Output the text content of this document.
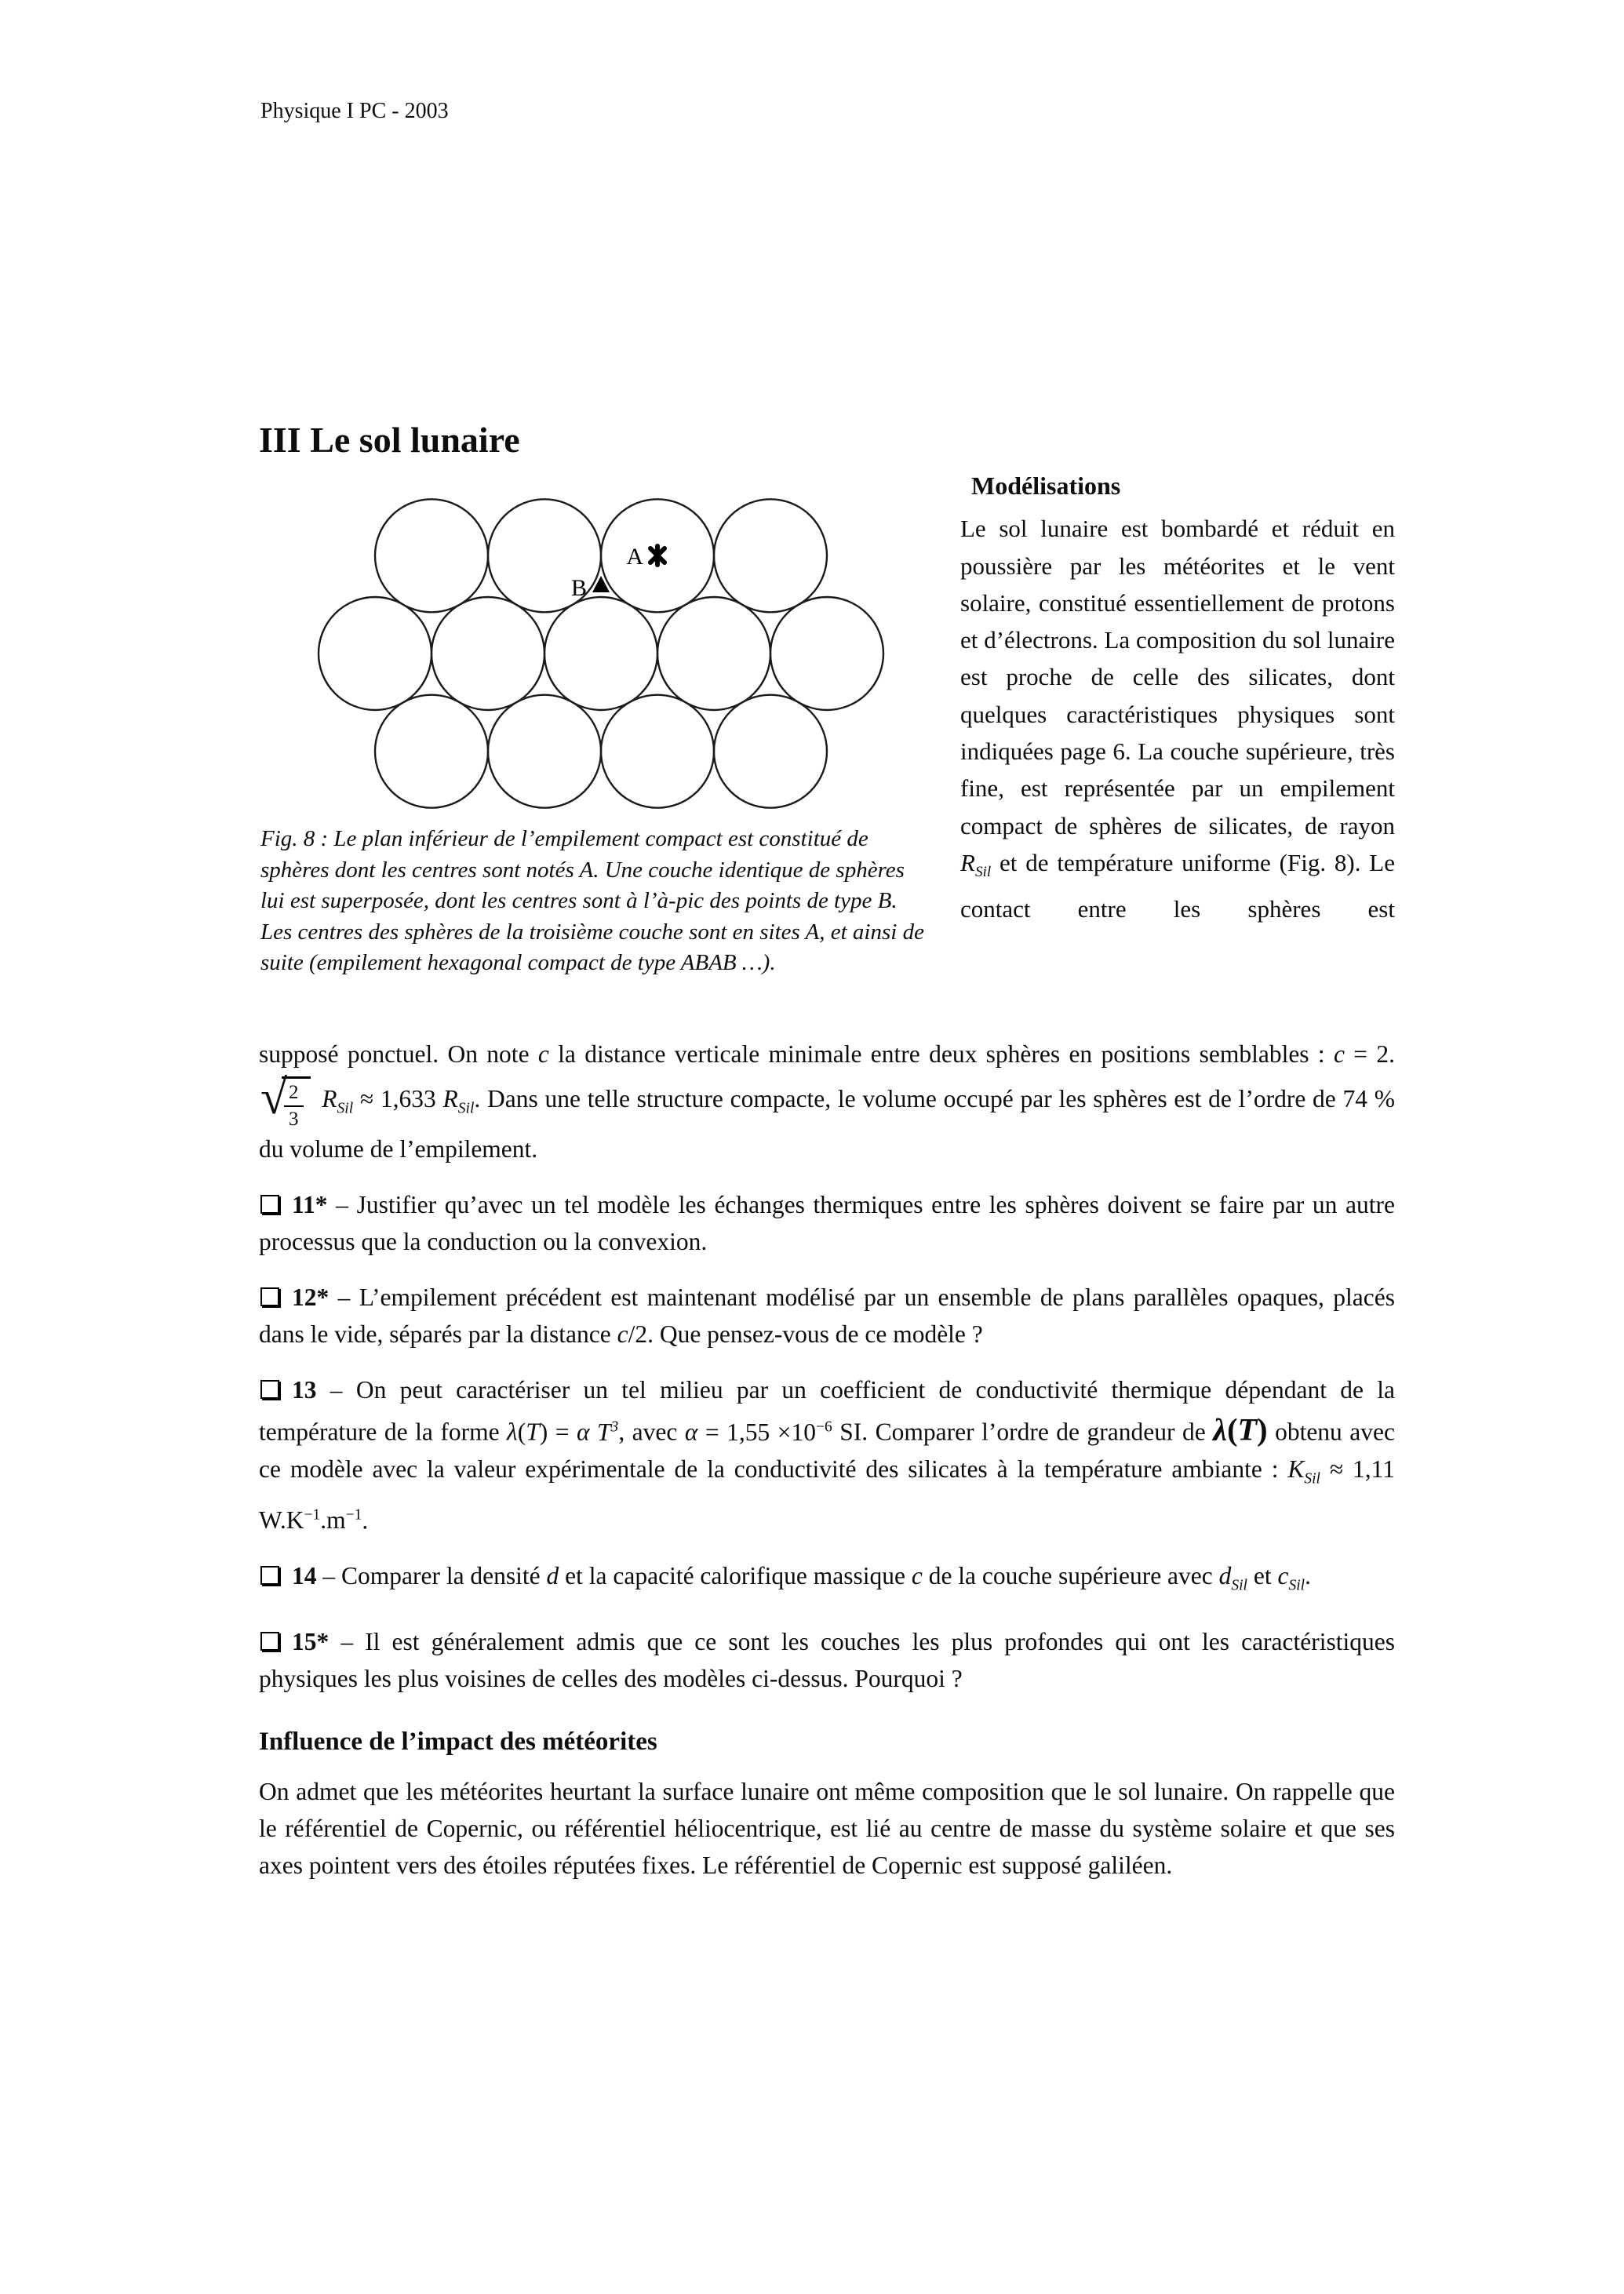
Physique I PC - 2003
III Le sol lunaire
A
B
Fig. 8 : Le plan inférieur de l’empilement compact est constitué de sphères dont les centres sont notés A. Une couche identique de sphères lui est superposée, dont les centres sont à l’à-pic des points de type B. Les centres des sphères de la troisième couche sont en sites A, et ainsi de suite (empilement hexagonal compact de type ABAB …).
Modélisations

Le sol lunaire est bombardé et réduit en poussière par les météorites et le vent solaire, constitué essentiellement de protons et d’électrons. La composition du sol lunaire est proche de celle des silicates, dont quelques caractéristiques physiques sont indiquées page 6. La couche supérieure, très fine, est représentée par un empilement compact de sphères de silicates, de rayon $R_{Sil}$ et de température uniforme (Fig. 8). Le contact entre les sphères est

supposé ponctuel. On note c la distance verticale minimale entre deux sphères en positions semblables : c = 2.
√ 2
3
$R_{Sil} \approx 1,633$ $R_{Sil}$. Dans une telle structure compacte, le volume occupé par les sphères est de l’ordre de 74 % du volume de l’empilement.

11* – Justifier qu’avec un tel modèle les échanges thermiques entre les sphères doivent se faire par un autre processus que la conduction ou la convexion.

12* – L’empilement précédent est maintenant modélisé par un ensemble de plans parallèles opaques, placés dans le vide, séparés par la distance c/2. Que pensez-vous de ce modèle ?

13 – On peut caractériser un tel milieu par un coefficient de conductivité thermique dépendant de la température de la forme λ(T) = α $T^3$, avec $\alpha = 1,55 \times 10^{-6}$ SI. Comparer l’ordre de grandeur de λ(T) obtenu avec ce modèle avec la valeur expérimentale de la conductivité des silicates à la température ambiante : $K_{Sil} \approx 1,11$ $W.K^{-1}.m^{-1}$.

14 – Comparer la densité d et la capacité calorifique massique c de la couche supérieure avec $d_{Sil}$ et $c_{Sil}$.

15* – Il est généralement admis que ce sont les couches les plus profondes qui ont les caractéristiques physiques les plus voisines de celles des modèles ci-dessus. Pourquoi ?

Influence de l’impact des météorites

On admet que les météorites heurtant la surface lunaire ont même composition que le sol lunaire. On rappelle que le référentiel de Copernic, ou référentiel héliocentrique, est lié au centre de masse du système solaire et que ses axes pointent vers des étoiles réputées fixes. Le référentiel de Copernic est supposé galiléen.
